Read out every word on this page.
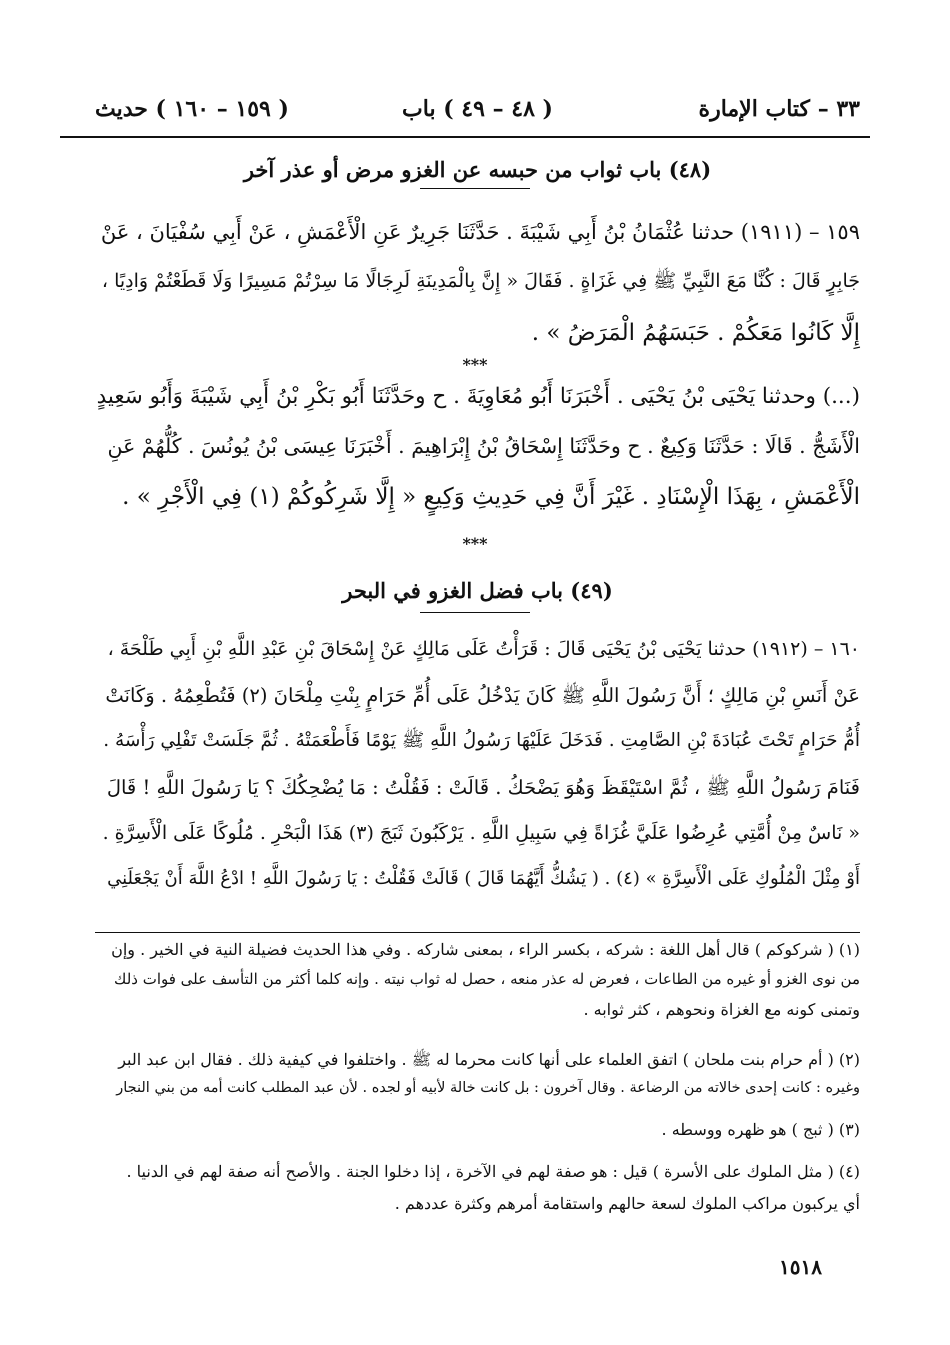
٣٣ – كتاب الإمارة
( ٤٨ – ٤٩ ) باب
( ١٥٩ – ١٦٠ ) حديث
(٤٨) باب ثواب من حبسه عن الغزو مرض أو عذر آخر
١٥٩ – (١٩١١) حدثنا عُثْمَانُ بْنُ أَبِي شَيْبَةَ . حَدَّثَنَا جَرِيرٌ عَنِ الْأَعْمَشِ ، عَنْ أَبِي سُفْيَانَ ، عَنْ
جَابِرٍ قَالَ : كُنَّا مَعَ النَّبِيِّ ﷺ فِي غَزَاةٍ . فَقَالَ « إِنَّ بِالْمَدِينَةِ لَرِجَالًا مَا سِرْتُمْ مَسِيرًا وَلَا قَطَعْتُمْ وَادِيًا ،
إِلَّا كَانُوا مَعَكُمْ . حَبَسَهُمُ الْمَرَضُ » .
***
(...) وحدثنا يَحْيَى بْنُ يَحْيَى . أَخْبَرَنَا أَبُو مُعَاوِيَةَ . ح وحَدَّثَنَا أَبُو بَكْرِ بْنُ أَبِي شَيْبَةَ وَأَبُو سَعِيدٍ
الْأَشَجُّ . قَالَا : حَدَّثَنَا وَكِيعٌ . ح وحَدَّثَنَا إِسْحَاقُ بْنُ إِبْرَاهِيمَ . أَخْبَرَنَا عِيسَى بْنُ يُونُسَ . كُلُّهُمْ عَنِ
الْأَعْمَشِ ، بِهَذَا الْإِسْنَادِ . غَيْرَ أَنَّ فِي حَدِيثِ وَكِيعٍ « إِلَّا شَرِكُوكُمْ (١) فِي الْأَجْرِ » .
***
(٤٩) باب فضل الغزو في البحر
١٦٠ – (١٩١٢) حدثنا يَحْيَى بْنُ يَحْيَى قَالَ : قَرَأْتُ عَلَى مَالِكٍ عَنْ إِسْحَاقَ بْنِ عَبْدِ اللَّهِ بْنِ أَبِي طَلْحَةَ ،
عَنْ أَنَسِ بْنِ مَالِكٍ ؛ أَنَّ رَسُولَ اللَّهِ ﷺ كَانَ يَدْخُلُ عَلَى أُمِّ حَرَامٍ بِنْتِ مِلْحَانَ (٢) فَتُطْعِمُهُ . وَكَانَتْ
أُمُّ حَرَامٍ تَحْتَ عُبَادَةَ بْنِ الصَّامِتِ . فَدَخَلَ عَلَيْهَا رَسُولُ اللَّهِ ﷺ يَوْمًا فَأَطْعَمَتْهُ . ثُمَّ جَلَسَتْ تَفْلِي رَأْسَهُ .
فَنَامَ رَسُولُ اللَّهِ ﷺ ، ثُمَّ اسْتَيْقَظَ وَهُوَ يَضْحَكُ . قَالَتْ : فَقُلْتُ : مَا يُضْحِكُكَ ؟ يَا رَسُولَ اللَّهِ ! قَالَ
« نَاسٌ مِنْ أُمَّتِي عُرِضُوا عَلَيَّ غُزَاةً فِي سَبِيلِ اللَّهِ . يَرْكَبُونَ ثَبَجَ (٣) هَذَا الْبَحْرِ . مُلُوكًا عَلَى الْأَسِرَّةِ .
أَوْ مِثْلَ الْمُلُوكِ عَلَى الْأَسِرَّةِ » (٤) . ( يَشُكُّ أَيَّهُمَا قَالَ ) قَالَتْ فَقُلْتُ : يَا رَسُولَ اللَّهِ ! ادْعُ اللَّهَ أَنْ يَجْعَلَنِي
(١) ( شركوكم ) قال أهل اللغة : شركه ، بكسر الراء ، بمعنى شاركه . وفي هذا الحديث فضيلة النية في الخير . وإن
من نوى الغزو أو غيره من الطاعات ، فعرض له عذر منعه ، حصل له ثواب نيته . وإنه كلما أكثر من التأسف على فوات ذلك
وتمنى كونه مع الغزاة ونحوهم ، كثر ثوابه .
(٢) ( أم حرام بنت ملحان ) اتفق العلماء على أنها كانت محرما له ﷺ . واختلفوا في كيفية ذلك . فقال ابن عبد البر
وغيره : كانت إحدى خالاته من الرضاعة . وقال آخرون : بل كانت خالة لأبيه أو لجده . لأن عبد المطلب كانت أمه من بني النجار
(٣) ( ثبج ) هو ظهره ووسطه .
(٤) ( مثل الملوك على الأسرة ) قيل : هو صفة لهم في الآخرة ، إذا دخلوا الجنة . والأصح أنه صفة لهم في الدنيا .
أي يركبون مراكب الملوك لسعة حالهم واستقامة أمرهم وكثرة عددهم .
١٥١٨
